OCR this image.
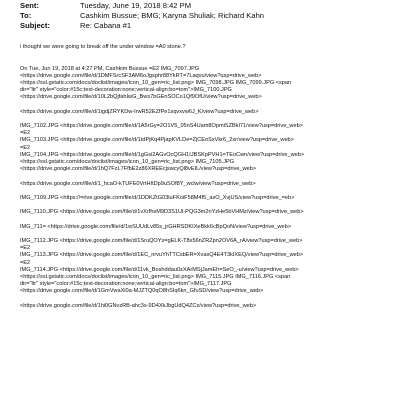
Sent:	Tuesday, June 19, 2018 8:42 PM
To:	Cashkim Bussue; BMG; Karyna Shuliak; Richard Kahn
Subject:	Re: Cabana #1
i thought we were going to break off the under window =A0 stone.?
On Tue, Jun 19, 2018 at 4:27 PM, Cashkim Bussue =E2 IMG_7097.JPG
<https://drive.google.com/file/d/1DMFSrcSF3AM6oJgsphr88YkRT=7Laqvu/view?usp=drive_web>
<https://ssl.gstatic.com/docs/doclist/images/icon_10_gen=ric_list.png> IMG_7098.JPG IMG_7099.JPG <span
dir="ltr" style="color:#15c;text-decoration:none;vertical-align:bo=tom">IMG_7100.JPG
<https://drive.google.com/file/d/10L2bQjfahIwG_Bws7bGEnSOCo1Qf9OfU/view?usp=drive_web>
<https://drive.google.com/file/d/1igdjZRYKDw-IrwR52EZfPe1sqvxvw6J_K/view?usp=drive_web>
IMG_7102.JPG <https://drive.google.com/file/d/1A5rGy=2O1V5_05nS4Uam8OpmiSZBkl71/view?usp=drive_web>
=E2
IMG_7103.JPG <https://drive.google.com/file/d/1tdPjKq4PjapKVLDe=ZjCEoSxVkr6_2xr/view?usp=drive_web>
=E2
IMG_7104.JPG <https://drive.google.com/file/d/1gGsi2AGvOcQGH1IJBSKpPVH1=TEoCwn/view?usp=drive_web>
<https://ssl.gstatic.com/docs/doclist/images/icon_10_gen=ric_list.png> IMG_7105.JPG
<https://drive.google.com/file/d/1hQ7FzL7FfbE2z86XREEcjswcyQl8vEIL/view?usp=drive_web>
<https://drive.google.com/file/d/1_hcaO-kTUFE0VrtHItDp9uSOf8Y_wclw/view?usp=drive_web>
IMG_7109.JPG <https://=rive.google.com/file/d/1DDKZtG03luFKoiF58M4f5_axO_XvjUS/view?usp=drive_=eb>
IMG_7110.JPG <https://drive.google.com/file/d/1vXrfhsM9D3S1Ul-PQG3m2nYzHe5bVHMz/view?usp=drive_web>
IMG_711= <https://drive.google.com/file/d/1wSUUdLv85s_jrGHRSDKIXeBkk6cBpQoN/view?usp=drive_web>
IMG_7112.JPG <https://drive.google.com/file/d/1SruQOYs=gELK-T8s56nZRZpn2OV6A_rA/view?usp=drive_web>
=E2
IMG_7113.JPG <https://drive.google.com/file/d/1EC_nrvuYhTTCsbER=XvasQ4E4T3kIXEQ/view?usp=drive_web>
=E2
IMG_7114.JPG <https://drive.google.com/file/d/11vk_Boshddau0zXArMSjJamEh=SeO_-u/view?usp=drive_web>
<https://ssl.gstatic.com/docs/doclist/images/icon_10_gen=ric_list.png> IMG_7115.JPG IMG_7116.JPG <span
dir="ltr" style="color:#15c;text-decoration:none;vertical-align:bo=tom">IMG_7117.JPG
<https://drive.google.com/file/d/1GmVwaXi0a-MJZTQ0qO8hSIq6kn_GfuSD/view?usp=drive_web>
<https://drive.google.com/file/d/1hi0GNvzRB-ahc3s-9D4XkJbgUdQ4ZCz/view?usp=drive_web>
